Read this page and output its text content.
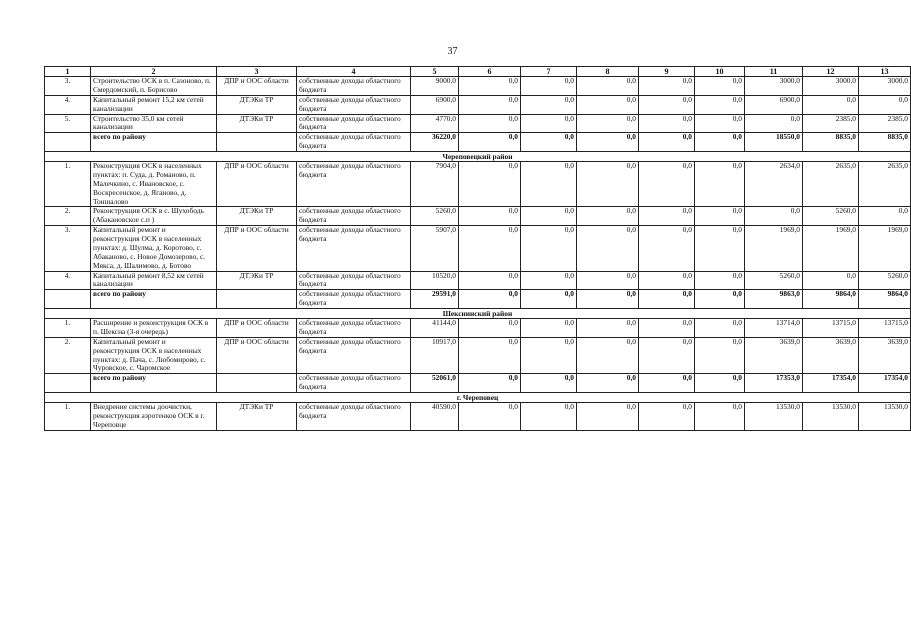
37
1	2	3	4	5	6	7	8	9	10	11	12	13
3.	Строительство ОСК в п. Сазоново, п. Смердомский, п. Борисово	ДПР и ООС области	собственные доходы областного бюджета	9000,0	0,0	0,0	0,0	0,0	0,0	3000,0	3000,0	3000,0
4.	Капитальный ремонт 15,2 км сетей канализации	ДТЭКи ТР	собственные доходы областного бюджета	6900,0	0,0	0,0	0,0	0,0	0,0	6900,0	0,0	0,0
5.	Строительство 35,0 км сетей канализации	ДТЭКи ТР	собственные доходы областного бюджета	4770,0	0,0	0,0	0,0	0,0	0,0	0,0	2385,0	2385,0
	всего по району		собственные доходы областного бюджета	36220,0	0,0	0,0	0,0	0,0	0,0	18550,0	8835,0	8835,0
Череповецкий район												
1.	Реконструкция ОСК в населенных пунктах: п. Суда, д. Романово, п. Малечкино, с. Ивановское, с. Воскресенское, д. Яганово, д. Тоншалово	ДПР и ООС области	собственные доходы областного бюджета	7904,0	0,0	0,0	0,0	0,0	0,0	2634,0	2635,0	2635,0
2.	Реконструкция ОСК в с. Шухободь (Абакановское с.п )	ДТЭКи ТР	собственные доходы областного бюджета	5260,0	0,0	0,0	0,0	0,0	0,0	0,0	5260,0	0,0
3.	Капитальный ремонт и реконструкция ОСК в населенных пунктах: д. Шулма, д. Коротово, с. Абаканово, с. Новое Домозерово, с. Мякса, д. Шалимово, д. Ботово	ДПР и ООС области	собственные доходы областного бюджета	5907,0	0,0	0,0	0,0	0,0	0,0	1969,0	1969,0	1969,0
4.	Капитальный ремонт 8,52 км сетей канализации	ДТЭКи ТР	собственные доходы областного бюджета	10520,0	0,0	0,0	0,0	0,0	0,0	5260,0	0,0	5260,0
	всего по району		собственные доходы областного бюджета	29591,0	0,0	0,0	0,0	0,0	0,0	9863,0	9864,0	9864,0
Шекснинский район												
1.	Расширение и реконструкция ОСК в п. Шексна (3-я очередь)	ДПР и ООС области	собственные доходы областного бюджета	41144,0	0,0	0,0	0,0	0,0	0,0	13714,0	13715,0	13715,0
2.	Капитальный ремонт и реконструкция ОСК в населенных пунктах: д. Пача, с. Любомирово, с. Чуровское, с. Чаромское	ДПР и ООС области	собственные доходы областного бюджета	10917,0	0,0	0,0	0,0	0,0	0,0	3639,0	3639,0	3639,0
	всего по району		собственные доходы областного бюджета	52061,0	0,0	0,0	0,0	0,0	0,0	17353,0	17354,0	17354,0
г. Череповец												
1.	Внедрение системы доочистки, реконструкция аэротенков ОСК в г. Череповце	ДТЭКи ТР	собственные доходы областного бюджета	40590,0	0,0	0,0	0,0	0,0	0,0	13530,0	13530,0	13530,0
